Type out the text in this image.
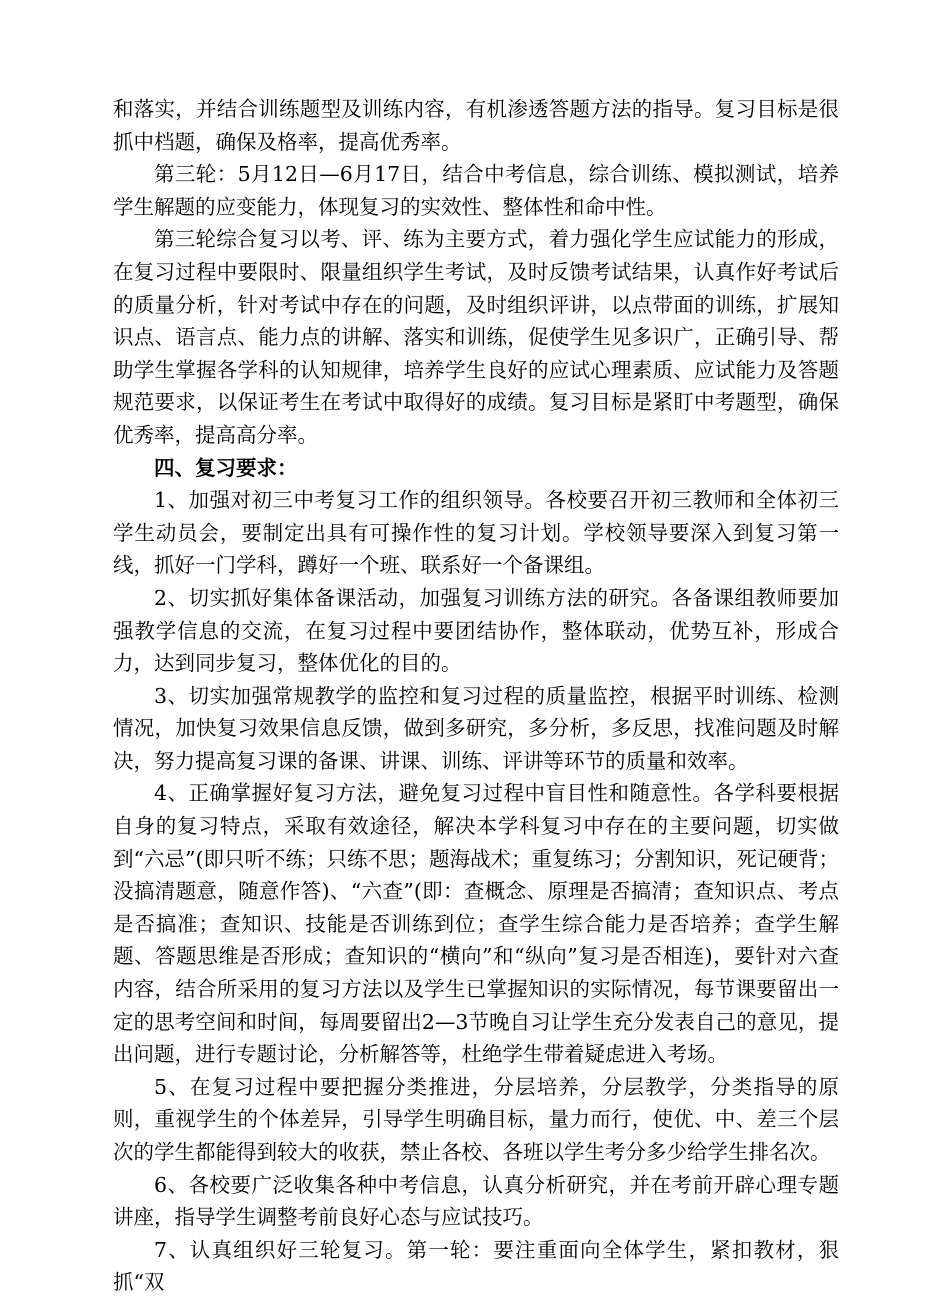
和落实，并结合训练题型及训练内容，有机渗透答题方法的指导。复习目标是很抓中档题，确保及格率，提高优秀率。

第三轮：5月12日—6月17日，结合中考信息，综合训练、模拟测试，培养学生解题的应变能力，体现复习的实效性、整体性和命中性。

第三轮综合复习以考、评、练为主要方式，着力强化学生应试能力的形成，在复习过程中要限时、限量组织学生考试，及时反馈考试结果，认真作好考试后的质量分析，针对考试中存在的问题，及时组织评讲，以点带面的训练，扩展知识点、语言点、能力点的讲解、落实和训练，促使学生见多识广，正确引导、帮助学生掌握各学科的认知规律，培养学生良好的应试心理素质、应试能力及答题规范要求，以保证考生在考试中取得好的成绩。复习目标是紧盯中考题型，确保优秀率，提高高分率。

四、复习要求：

1、加强对初三中考复习工作的组织领导。各校要召开初三教师和全体初三学生动员会，要制定出具有可操作性的复习计划。学校领导要深入到复习第一线，抓好一门学科，蹲好一个班、联系好一个备课组。

2、切实抓好集体备课活动，加强复习训练方法的研究。各备课组教师要加强教学信息的交流，在复习过程中要团结协作，整体联动，优势互补，形成合力，达到同步复习，整体优化的目的。

3、切实加强常规教学的监控和复习过程的质量监控，根据平时训练、检测情况，加快复习效果信息反馈，做到多研究，多分析，多反思，找准问题及时解决，努力提高复习课的备课、讲课、训练、评讲等环节的质量和效率。

4、正确掌握好复习方法，避免复习过程中盲目性和随意性。各学科要根据自身的复习特点，采取有效途径，解决本学科复习中存在的主要问题，切实做到“六忌”(即只听不练；只练不思；题海战术；重复练习；分割知识，死记硬背；没搞清题意，随意作答)、“六查”(即：查概念、原理是否搞清；查知识点、考点是否搞准；查知识、技能是否训练到位；查学生综合能力是否培养；查学生解题、答题思维是否形成；查知识的“横向”和“纵向”复习是否相连)，要针对六查内容，结合所采用的复习方法以及学生已掌握知识的实际情况，每节课要留出一定的思考空间和时间，每周要留出2—3节晚自习让学生充分发表自己的意见，提出问题，进行专题讨论，分析解答等，杜绝学生带着疑虑进入考场。

5、在复习过程中要把握分类推进，分层培养，分层教学，分类指导的原则，重视学生的个体差异，引导学生明确目标，量力而行，使优、中、差三个层次的学生都能得到较大的收获，禁止各校、各班以学生考分多少给学生排名次。

6、各校要广泛收集各种中考信息，认真分析研究，并在考前开辟心理专题讲座，指导学生调整考前良好心态与应试技巧。

7、认真组织好三轮复习。第一轮：要注重面向全体学生，紧扣教材，狠抓“双
